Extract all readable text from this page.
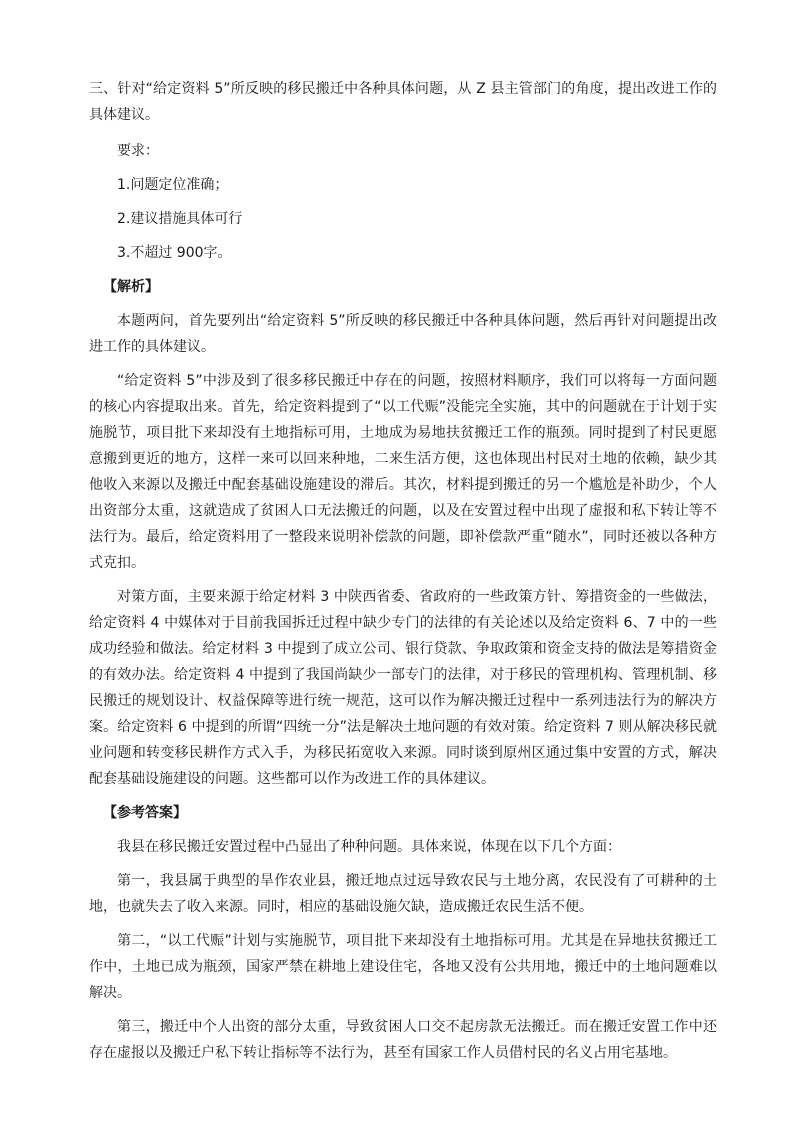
三、针对“给定资料 5”所反映的移民搬迁中各种具体问题，从 Z 县主管部门的角度，提出改进工作的具体建议。

要求：

1.问题定位准确；

2.建议措施具体可行

3.不超过 900字。

【解析】

本题两问，首先要列出“给定资料 5”所反映的移民搬迁中各种具体问题，然后再针对问题提出改进工作的具体建议。

“给定资料 5”中涉及到了很多移民搬迁中存在的问题，按照材料顺序，我们可以将每一方面问题的核心内容提取出来。首先，给定资料提到了“以工代赈”没能完全实施，其中的问题就在于计划于实施脱节，项目批下来却没有土地指标可用，土地成为易地扶贫搬迁工作的瓶颈。同时提到了村民更愿意搬到更近的地方，这样一来可以回来种地，二来生活方便，这也体现出村民对土地的依赖，缺少其他收入来源以及搬迁中配套基础设施建设的滞后。其次，材料提到搬迁的另一个尴尬是补助少，个人出资部分太重，这就造成了贫困人口无法搬迁的问题，以及在安置过程中出现了虚报和私下转让等不法行为。最后，给定资料用了一整段来说明补偿款的问题，即补偿款严重“随水”，同时还被以各种方式克扣。

对策方面，主要来源于给定材料 3 中陕西省委、省政府的一些政策方针、筹措资金的一些做法，给定资料 4 中媒体对于目前我国拆迁过程中缺少专门的法律的有关论述以及给定资料 6、7 中的一些成功经验和做法。给定材料 3 中提到了成立公司、银行贷款、争取政策和资金支持的做法是筹措资金的有效办法。给定资料 4 中提到了我国尚缺少一部专门的法律，对于移民的管理机构、管理机制、移民搬迁的规划设计、权益保障等进行统一规范，这可以作为解决搬迁过程中一系列违法行为的解决方案。给定资料 6 中提到的所谓“四统一分”法是解决土地问题的有效对策。给定资料 7 则从解决移民就业问题和转变移民耕作方式入手，为移民拓宽收入来源。同时谈到原州区通过集中安置的方式，解决配套基础设施建设的问题。这些都可以作为改进工作的具体建议。

【参考答案】

我县在移民搬迁安置过程中凸显出了种种问题。具体来说，体现在以下几个方面：

第一，我县属于典型的旱作农业县，搬迁地点过远导致农民与土地分离，农民没有了可耕种的土地，也就失去了收入来源。同时，相应的基础设施欠缺，造成搬迁农民生活不便。

第二，“以工代赈”计划与实施脱节，项目批下来却没有土地指标可用。尤其是在异地扶贫搬迁工作中，土地已成为瓶颈，国家严禁在耕地上建设住宅，各地又没有公共用地，搬迁中的土地问题难以解决。

第三，搬迁中个人出资的部分太重，导致贫困人口交不起房款无法搬迁。而在搬迁安置工作中还存在虚报以及搬迁户私下转让指标等不法行为，甚至有国家工作人员借村民的名义占用宅基地。
